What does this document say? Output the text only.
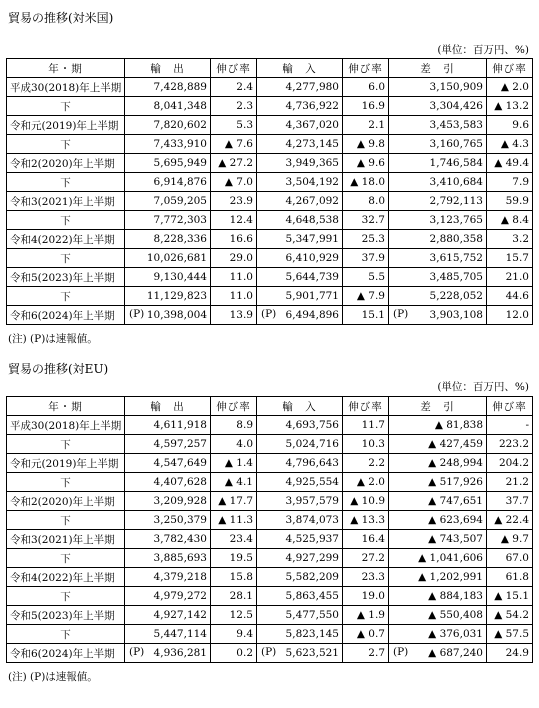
貿易の推移(対米国)
(単位：百万円、%)
年・期	輸　出	伸び率	輸　入	伸び率	差　引	伸び率
平成30(2018)年上半期	7,428,889	2.4	4,277,980	6.0	3,150,909	▲ 2.0
下	8,041,348	2.3	4,736,922	16.9	3,304,426	▲ 13.2
令和元(2019)年上半期	7,820,602	5.3	4,367,020	2.1	3,453,583	9.6
下	7,433,910	▲ 7.6	4,273,145	▲ 9.8	3,160,765	▲ 4.3
令和2(2020)年上半期	5,695,949	▲ 27.2	3,949,365	▲ 9.6	1,746,584	▲ 49.4
下	6,914,876	▲ 7.0	3,504,192	▲ 18.0	3,410,684	7.9
令和3(2021)年上半期	7,059,205	23.9	4,267,092	8.0	2,792,113	59.9
下	7,772,303	12.4	4,648,538	32.7	3,123,765	▲ 8.4
令和4(2022)年上半期	8,228,336	16.6	5,347,991	25.3	2,880,358	3.2
下	10,026,681	29.0	6,410,929	37.9	3,615,752	15.7
令和5(2023)年上半期	9,130,444	11.0	5,644,739	5.5	3,485,705	21.0
下	11,129,823	11.0	5,901,771	▲ 7.9	5,228,052	44.6
令和6(2024)年上半期	(P) 10,398,004	13.9	(P) 6,494,896	15.1	(P) 3,903,108	12.0
(注) (P)は速報値。
貿易の推移(対EU)
(単位：百万円、%)
年・期	輸　出	伸び率	輸　入	伸び率	差　引	伸び率
平成30(2018)年上半期	4,611,918	8.9	4,693,756	11.7	▲ 81,838	-
下	4,597,257	4.0	5,024,716	10.3	▲ 427,459	223.2
令和元(2019)年上半期	4,547,649	▲ 1.4	4,796,643	2.2	▲ 248,994	204.2
下	4,407,628	▲ 4.1	4,925,554	▲ 2.0	▲ 517,926	21.2
令和2(2020)年上半期	3,209,928	▲ 17.7	3,957,579	▲ 10.9	▲ 747,651	37.7
下	3,250,379	▲ 11.3	3,874,073	▲ 13.3	▲ 623,694	▲ 22.4
令和3(2021)年上半期	3,782,430	23.4	4,525,937	16.4	▲ 743,507	▲ 9.7
下	3,885,693	19.5	4,927,299	27.2	▲ 1,041,606	67.0
令和4(2022)年上半期	4,379,218	15.8	5,582,209	23.3	▲ 1,202,991	61.8
下	4,979,272	28.1	5,863,455	19.0	▲ 884,183	▲ 15.1
令和5(2023)年上半期	4,927,142	12.5	5,477,550	▲ 1.9	▲ 550,408	▲ 54.2
下	5,447,114	9.4	5,823,145	▲ 0.7	▲ 376,031	▲ 57.5
令和6(2024)年上半期	(P) 4,936,281	0.2	(P) 5,623,521	2.7	(P) ▲ 687,240	24.9
(注) (P)は速報値。
